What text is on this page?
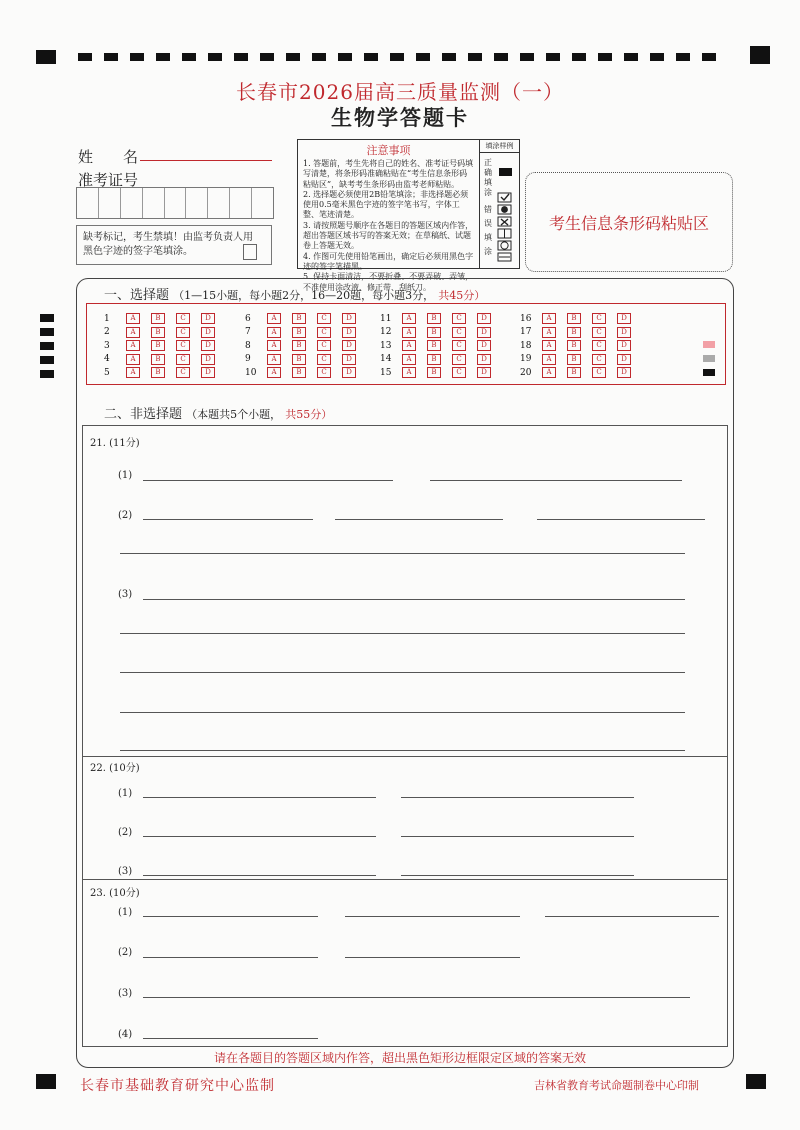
长春市2026届高三质量监测（一）
生物学答题卡
姓　　名
准考证号
缺考标记，考生禁填！由监考负责人用
黑色字迹的签字笔填涂。
注意事项
1. 答题前，考生先将自己的姓名、准考证号码填写清楚，将条形码准确粘贴在“考生信息条形码粘贴区”，缺考考生条形码由监考老师粘贴。
2. 选择题必须使用2B铅笔填涂；非选择题必须使用0.5毫米黑色字迹的签字笔书写，字体工整、笔迹清楚。
3. 请按照题号顺序在各题目的答题区域内作答，超出答题区域书写的答案无效；在草稿纸、试题卷上答题无效。
4. 作图可先使用铅笔画出，确定后必须用黑色字迹的签字笔描黑。
5. 保持卡面清洁，不要折叠、不要弄破、弄皱，不准使用涂改液、修正带、刮纸刀。
填涂样例
正确填涂
错
误
填
涂
考生信息条形码粘贴区
一、选择题 （1—15小题，每小题2分，16—20题，每小题3分， 共45分）
1	A	B	C	D
2	A	B	C	D
3	A	B	C	D
4	A	B	C	D
5	A	B	C	D
6	A	B	C	D
7	A	B	C	D
8	A	B	C	D
9	A	B	C	D
10	A	B	C	D
11	A	B	C	D
12	A	B	C	D
13	A	B	C	D
14	A	B	C	D
15	A	B	C	D
16	A	B	C	D
17	A	B	C	D
18	A	B	C	D
19	A	B	C	D
20	A	B	C	D
二、非选择题 （本题共5个小题， 共55分）
21. (11分)
(1)
(2)
(3)
22. (10分)
(1)
(2)
(3)
23. (10分)
(1)
(2)
(3)
(4)
请在各题目的答题区域内作答，超出黑色矩形边框限定区域的答案无效
长春市基础教育研究中心监制	吉林省教育考试命题制卷中心印制
